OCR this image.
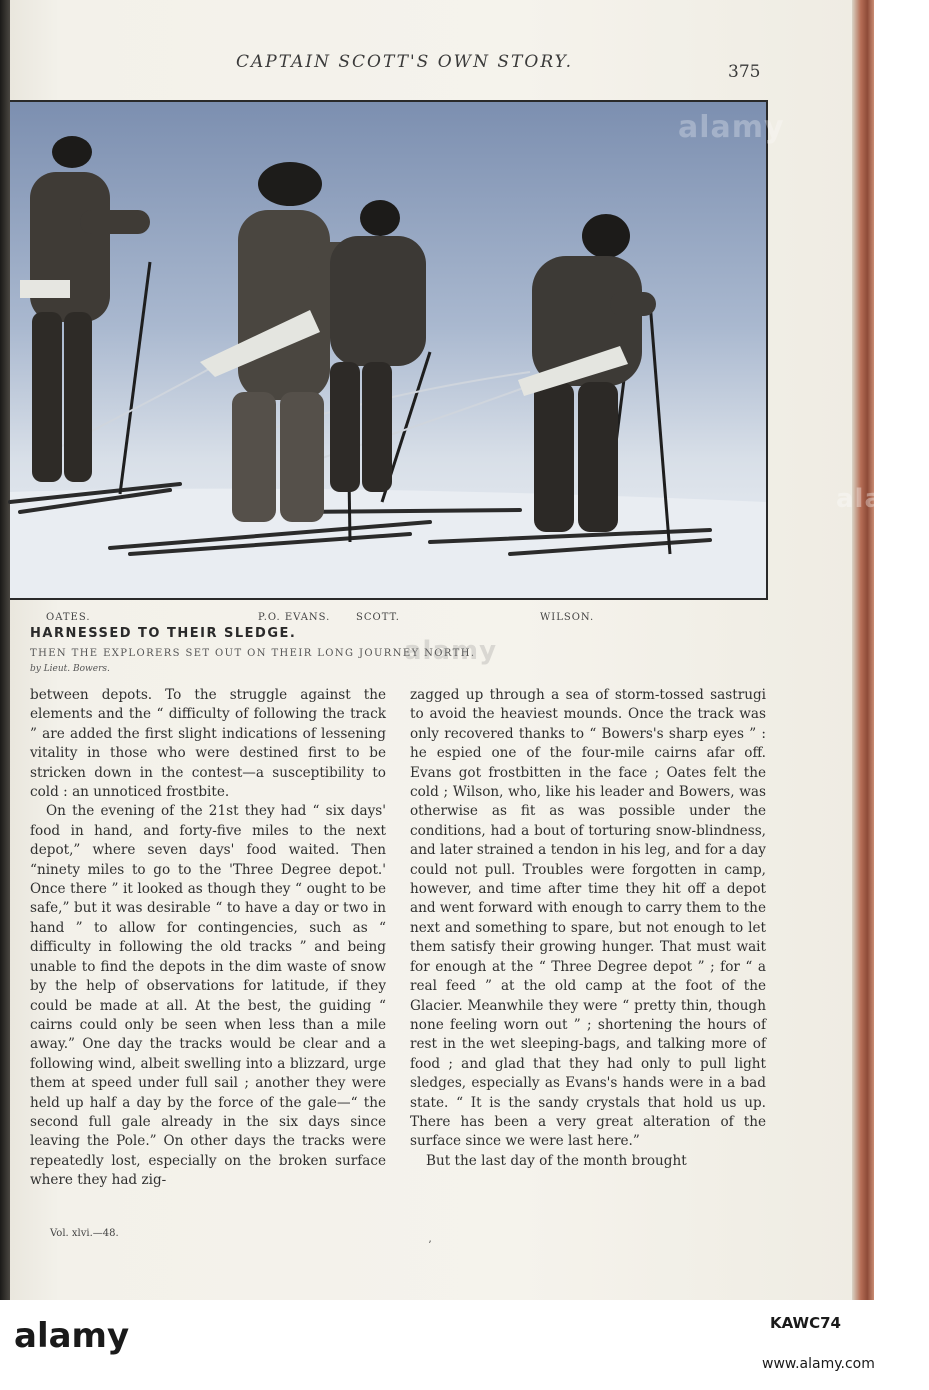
CAPTAIN SCOTT'S OWN STORY.	375
alamy
OATES.	P.O. EVANS.	SCOTT.	WILSON.
HARNESSED TO THEIR SLEDGE.
THEN THE EXPLORERS SET OUT ON THEIR LONG JOURNEY NORTH.
by Lieut. Bowers.

between depots. To the struggle against the elements and the “ difficulty of following the track ” are added the first slight indications of lessening vitality in those who were destined first to be stricken down in the contest—a susceptibility to cold : an unnoticed frostbite.

On the evening of the 21st they had “ six days' food in hand, and forty-five miles to the next depot,” where seven days' food waited. Then “ninety miles to go to the 'Three Degree depot.' Once there ” it looked as though they “ ought to be safe,” but it was desirable “ to have a day or two in hand ” to allow for contingencies, such as “ difficulty in following the old tracks ” and being unable to find the depots in the dim waste of snow by the help of observations for latitude, if they could be made at all. At the best, the guiding “ cairns could only be seen when less than a mile away.” One day the tracks would be clear and a following wind, albeit swelling into a blizzard, urge them at speed under full sail ; another they were held up half a day by the force of the gale—“ the second full gale already in the six days since leaving the Pole.” On other days the tracks were repeatedly lost, especially on the broken surface where they had zig-

zagged up through a sea of storm-tossed sastrugi to avoid the heaviest mounds. Once the track was only recovered thanks to “ Bowers's sharp eyes ” : he espied one of the four-mile cairns afar off. Evans got frostbitten in the face ; Oates felt the cold ; Wilson, who, like his leader and Bowers, was otherwise as fit as was possible under the conditions, had a bout of torturing snow-blindness, and later strained a tendon in his leg, and for a day could not pull. Troubles were forgotten in camp, however, and time after time they hit off a depot and went forward with enough to carry them to the next and something to spare, but not enough to let them satisfy their growing hunger. That must wait for enough at the “ Three Degree depot ” ; for “ a real feed ” at the old camp at the foot of the Glacier. Meanwhile they were “ pretty thin, though none feeling worn out ” ; shortening the hours of rest in the wet sleeping-bags, and talking more of food ; and glad that they had only to pull light sledges, especially as Evans's hands were in a bad state. “ It is the sandy crystals that hold us up. There has been a very great alteration of the surface since we were last here.”

But the last day of the month brought

Vol. xlvi.—48.
ʼ
alamy
alamy
alamy	KAWC74
www.alamy.com
